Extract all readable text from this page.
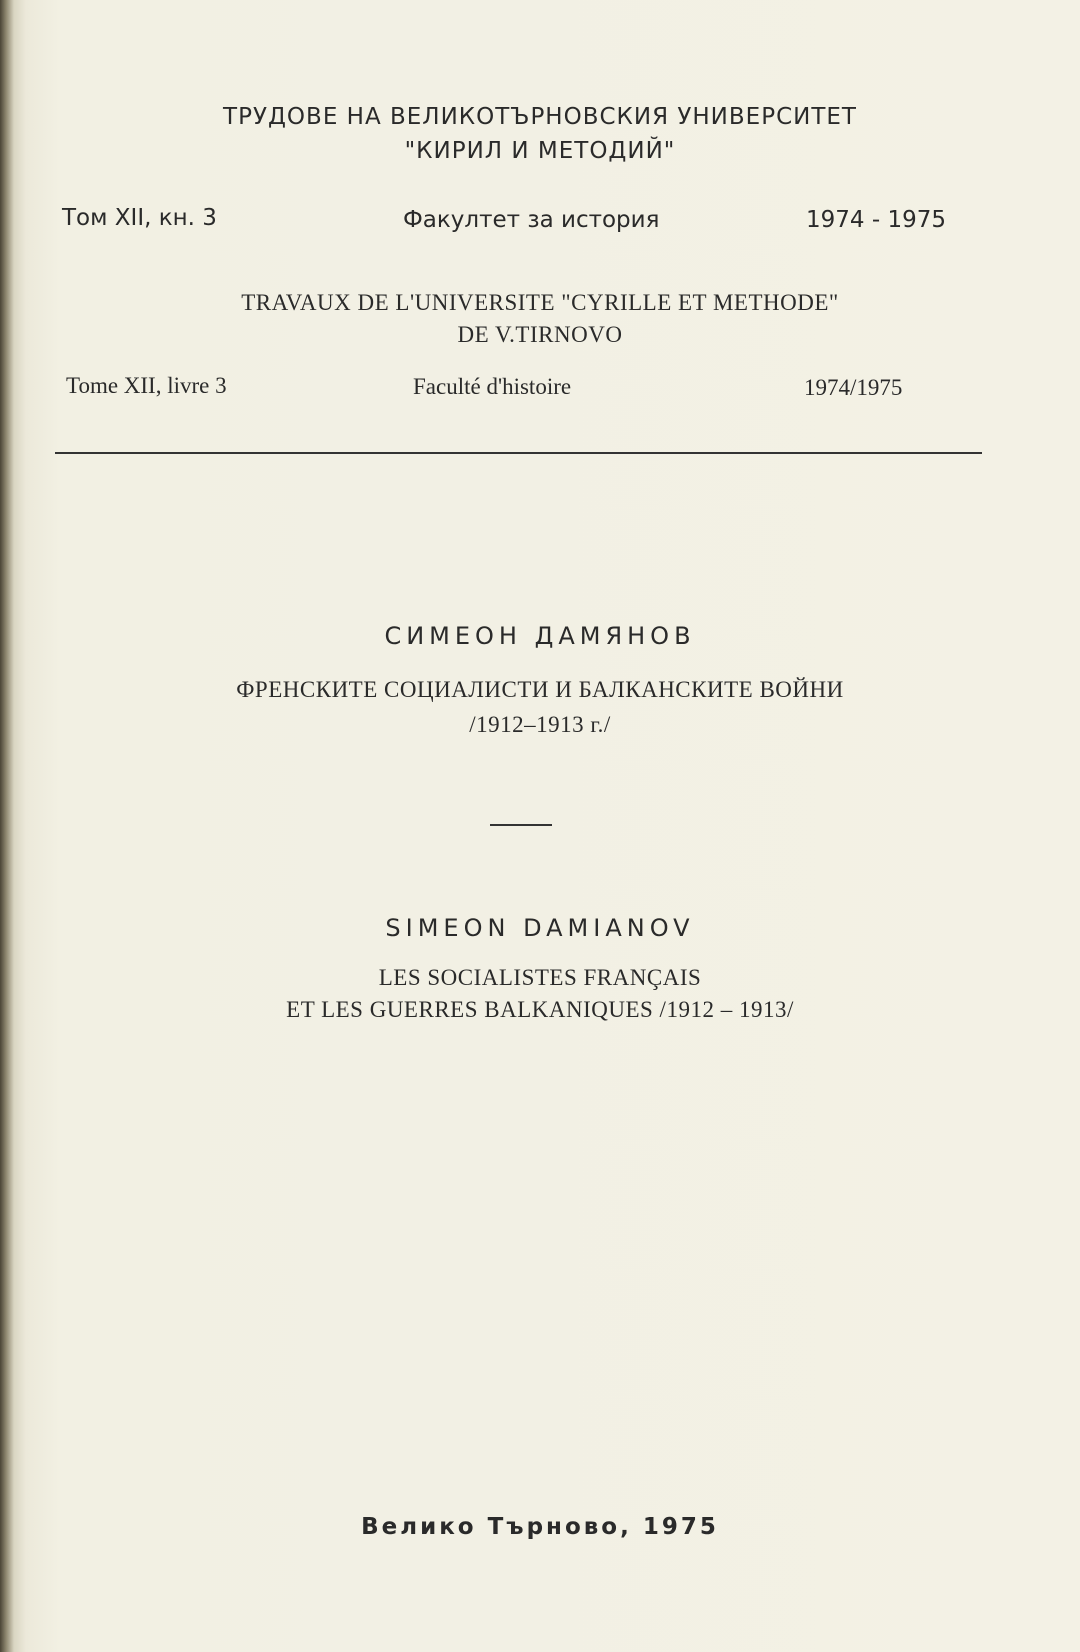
ТРУДОВЕ НА ВЕЛИКОТЪРНОВСКИЯ УНИВЕРСИТЕТ
"КИРИЛ И МЕТОДИЙ"
Том XII, кн. 3	Факултет за история	1974 - 1975
TRAVAUX DE L'UNIVERSITE "CYRILLE ET METHODE"
DE V.TIRNOVO
Tome XII, livre 3	Faculté d'histoire	1974/1975
СИМЕОН ДАМЯНОВ
ФРЕНСКИТЕ СОЦИАЛИСТИ И БАЛКАНСКИТЕ ВОЙНИ
/1912–1913 г./
SIMEON DAMIANOV
LES SOCIALISTES FRANÇAIS
ET LES GUERRES BALKANIQUES /1912 – 1913/
Велико Търново, 1975
